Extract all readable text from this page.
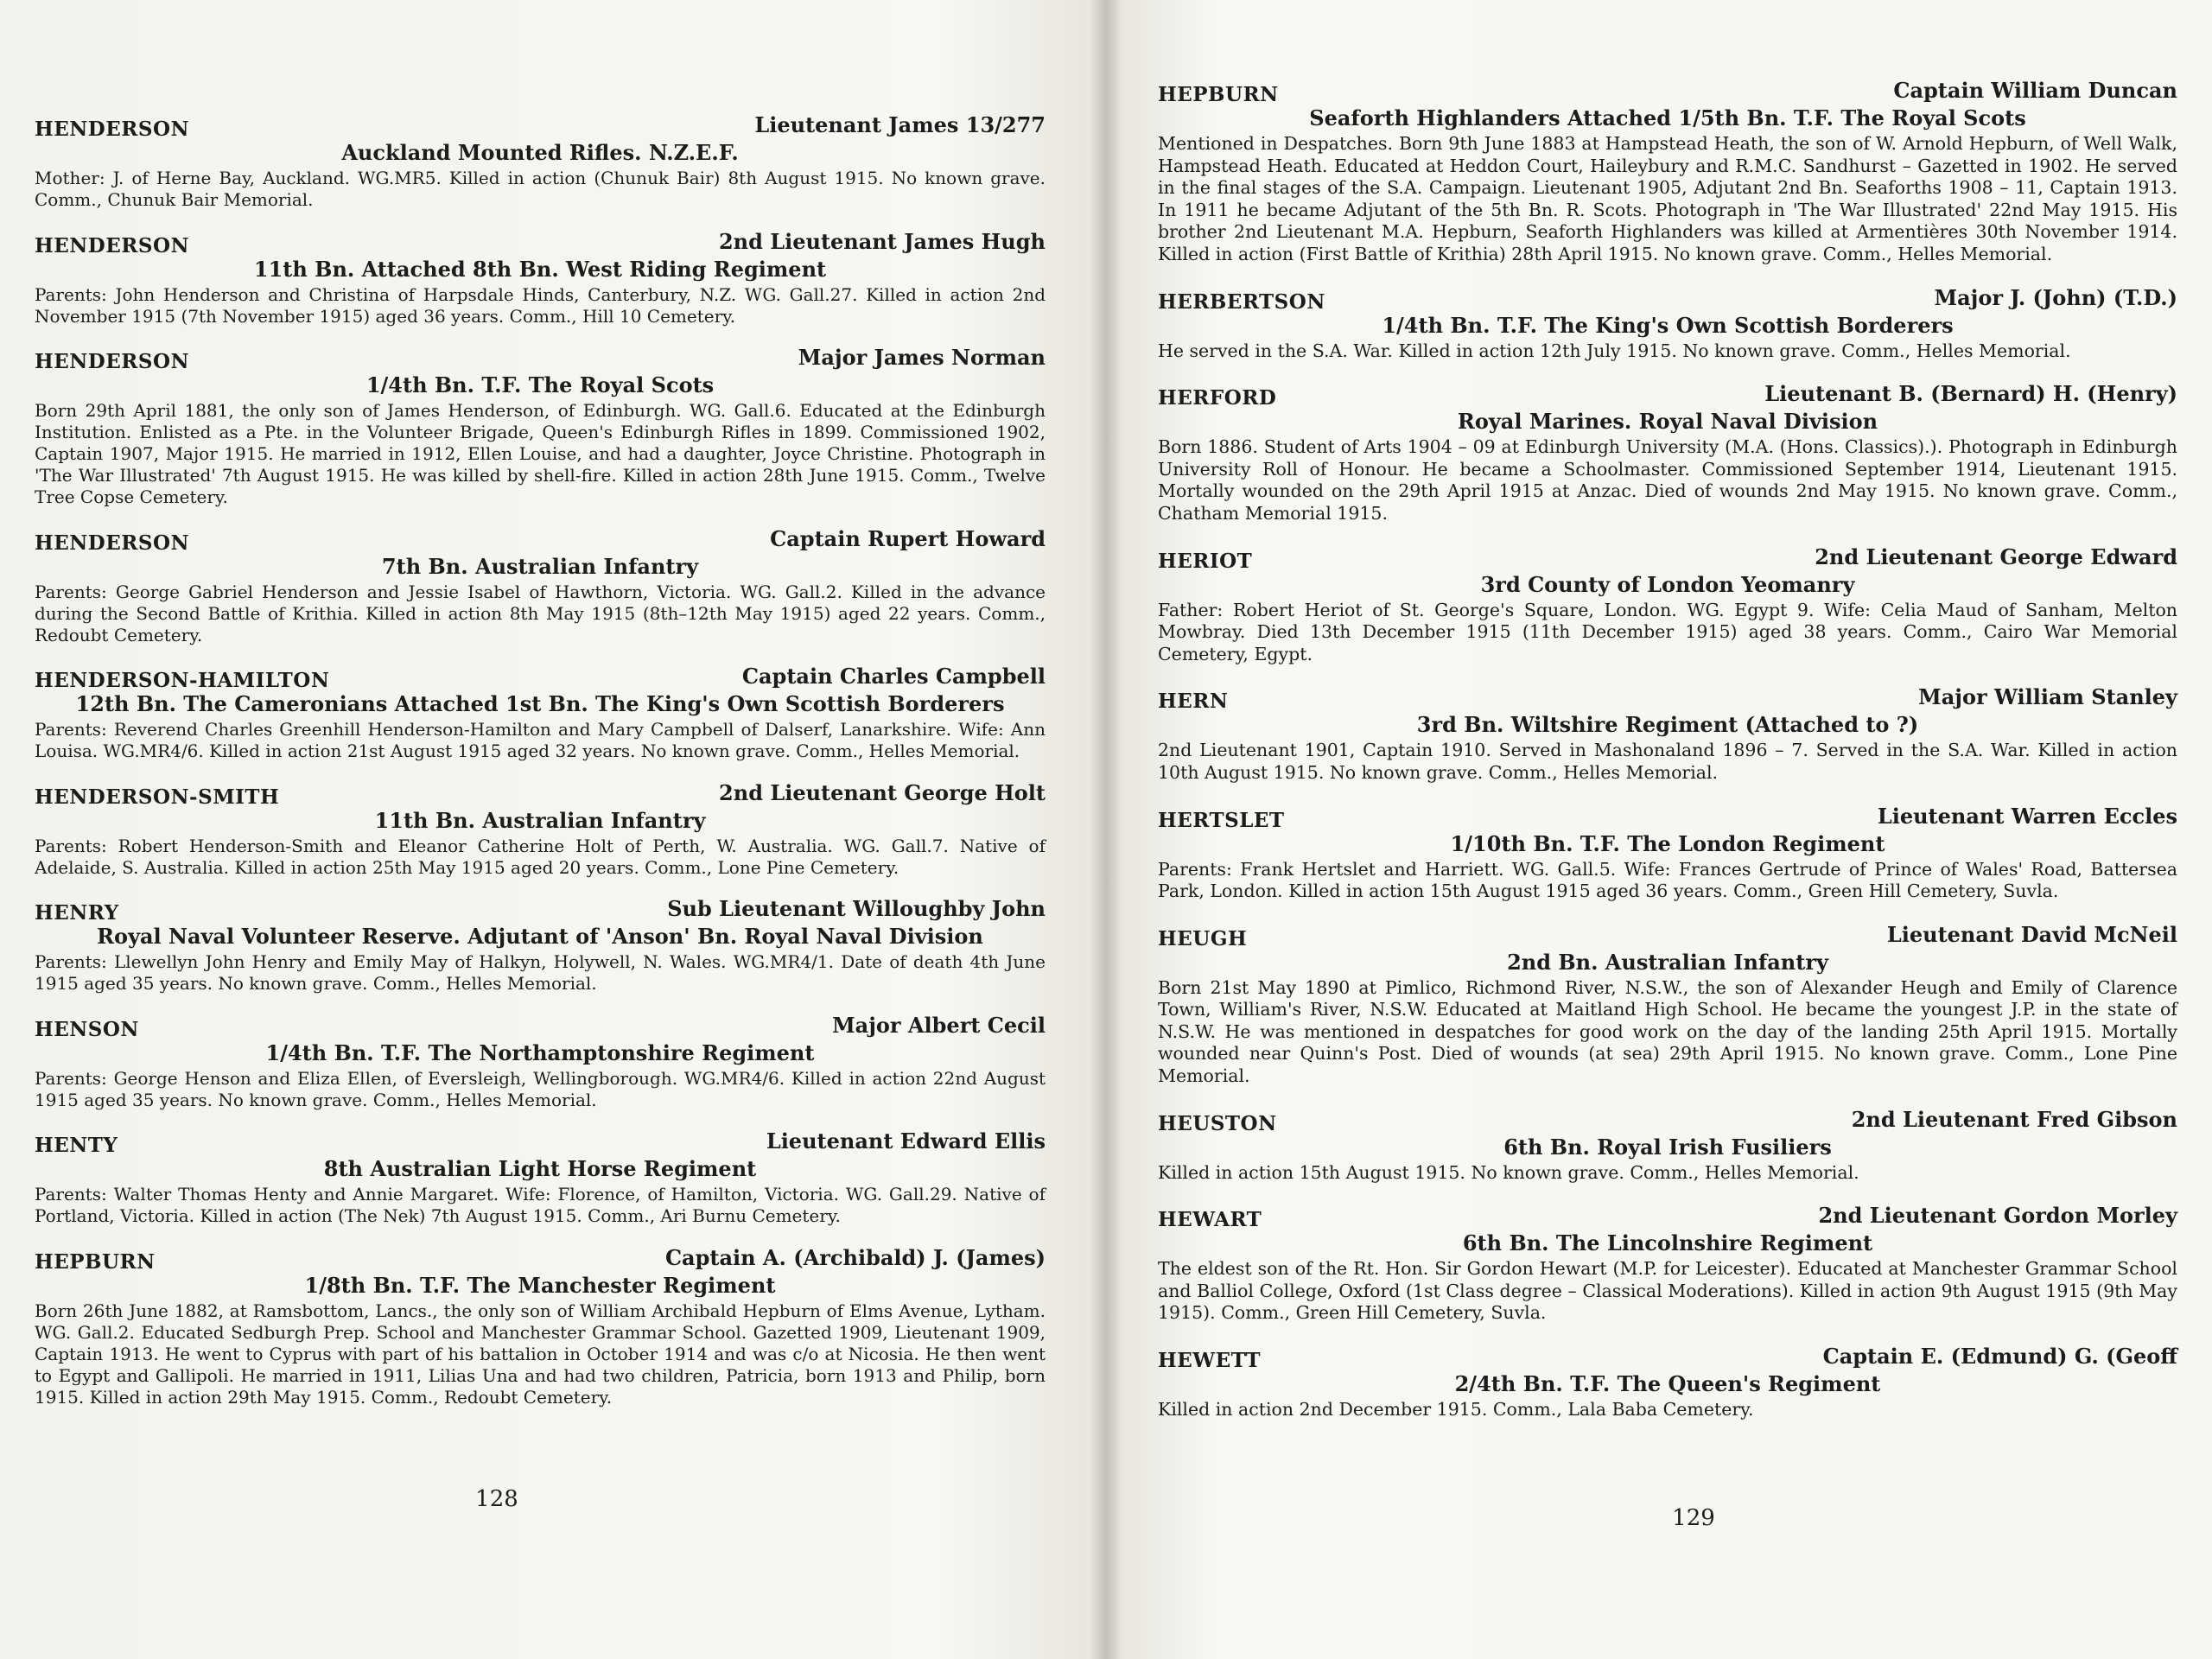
HENDERSON	Lieutenant James 13/277
Auckland Mounted Rifles. N.Z.E.F.

Mother: J. of Herne Bay, Auckland. WG.MR5. Killed in action (Chunuk Bair) 8th August 1915. No known grave. Comm., Chunuk Bair Memorial.

HENDERSON	2nd Lieutenant James Hugh
11th Bn. Attached 8th Bn. West Riding Regiment

Parents: John Henderson and Christina of Harpsdale Hinds, Canterbury, N.Z. WG. Gall.27. Killed in action 2nd November 1915 (7th November 1915) aged 36 years. Comm., Hill 10 Cemetery.

HENDERSON	Major James Norman
1/4th Bn. T.F. The Royal Scots

Born 29th April 1881, the only son of James Henderson, of Edinburgh. WG. Gall.6. Educated at the Edinburgh Institution. Enlisted as a Pte. in the Volunteer Brigade, Queen's Edinburgh Rifles in 1899. Commissioned 1902, Captain 1907, Major 1915. He married in 1912, Ellen Louise, and had a daughter, Joyce Christine. Photograph in 'The War Illustrated' 7th August 1915. He was killed by shell-fire. Killed in action 28th June 1915. Comm., Twelve Tree Copse Cemetery.

HENDERSON	Captain Rupert Howard
7th Bn. Australian Infantry

Parents: George Gabriel Henderson and Jessie Isabel of Hawthorn, Victoria. WG. Gall.2. Killed in the advance during the Second Battle of Krithia. Killed in action 8th May 1915 (8th–12th May 1915) aged 22 years. Comm., Redoubt Cemetery.

HENDERSON-HAMILTON	Captain Charles Campbell
12th Bn. The Cameronians Attached 1st Bn. The King's Own Scottish Borderers

Parents: Reverend Charles Greenhill Henderson-Hamilton and Mary Campbell of Dalserf, Lanarkshire. Wife: Ann Louisa. WG.MR4/6. Killed in action 21st August 1915 aged 32 years. No known grave. Comm., Helles Memorial.

HENDERSON-SMITH	2nd Lieutenant George Holt
11th Bn. Australian Infantry

Parents: Robert Henderson-Smith and Eleanor Catherine Holt of Perth, W. Australia. WG. Gall.7. Native of Adelaide, S. Australia. Killed in action 25th May 1915 aged 20 years. Comm., Lone Pine Cemetery.

HENRY	Sub Lieutenant Willoughby John
Royal Naval Volunteer Reserve. Adjutant of 'Anson' Bn. Royal Naval Division

Parents: Llewellyn John Henry and Emily May of Halkyn, Holywell, N. Wales. WG.MR4/1. Date of death 4th June 1915 aged 35 years. No known grave. Comm., Helles Memorial.

HENSON	Major Albert Cecil
1/4th Bn. T.F. The Northamptonshire Regiment

Parents: George Henson and Eliza Ellen, of Eversleigh, Wellingborough. WG.MR4/6. Killed in action 22nd August 1915 aged 35 years. No known grave. Comm., Helles Memorial.

HENTY	Lieutenant Edward Ellis
8th Australian Light Horse Regiment

Parents: Walter Thomas Henty and Annie Margaret. Wife: Florence, of Hamilton, Victoria. WG. Gall.29. Native of Portland, Victoria. Killed in action (The Nek) 7th August 1915. Comm., Ari Burnu Cemetery.

HEPBURN	Captain A. (Archibald) J. (James)
1/8th Bn. T.F. The Manchester Regiment

Born 26th June 1882, at Ramsbottom, Lancs., the only son of William Archibald Hepburn of Elms Avenue, Lytham. WG. Gall.2. Educated Sedburgh Prep. School and Manchester Grammar School. Gazetted 1909, Lieutenant 1909, Captain 1913. He went to Cyprus with part of his battalion in October 1914 and was c/o at Nicosia. He then went to Egypt and Gallipoli. He married in 1911, Lilias Una and had two children, Patricia, born 1913 and Philip, born 1915. Killed in action 29th May 1915. Comm., Redoubt Cemetery.

128
HEPBURN	Captain William Duncan
Seaforth Highlanders Attached 1/5th Bn. T.F. The Royal Scots

Mentioned in Despatches. Born 9th June 1883 at Hampstead Heath, the son of W. Arnold Hepburn, of Well Walk, Hampstead Heath. Educated at Heddon Court, Haileybury and R.M.C. Sandhurst – Gazetted in 1902. He served in the final stages of the S.A. Campaign. Lieutenant 1905, Adjutant 2nd Bn. Seaforths 1908 – 11, Captain 1913. In 1911 he became Adjutant of the 5th Bn. R. Scots. Photograph in 'The War Illustrated' 22nd May 1915. His brother 2nd Lieutenant M.A. Hepburn, Seaforth Highlanders was killed at Armentières 30th November 1914. Killed in action (First Battle of Krithia) 28th April 1915. No known grave. Comm., Helles Memorial.

HERBERTSON	Major J. (John) (T.D.)
1/4th Bn. T.F. The King's Own Scottish Borderers

He served in the S.A. War. Killed in action 12th July 1915. No known grave. Comm., Helles Memorial.

HERFORD	Lieutenant B. (Bernard) H. (Henry)
Royal Marines. Royal Naval Division

Born 1886. Student of Arts 1904 – 09 at Edinburgh University (M.A. (Hons. Classics).). Photograph in Edinburgh University Roll of Honour. He became a Schoolmaster. Commissioned September 1914, Lieutenant 1915. Mortally wounded on the 29th April 1915 at Anzac. Died of wounds 2nd May 1915. No known grave. Comm., Chatham Memorial 1915.

HERIOT	2nd Lieutenant George Edward
3rd County of London Yeomanry

Father: Robert Heriot of St. George's Square, London. WG. Egypt 9. Wife: Celia Maud of Sanham, Melton Mowbray. Died 13th December 1915 (11th December 1915) aged 38 years. Comm., Cairo War Memorial Cemetery, Egypt.

HERN	Major William Stanley
3rd Bn. Wiltshire Regiment (Attached to ?)

2nd Lieutenant 1901, Captain 1910. Served in Mashonaland 1896 – 7. Served in the S.A. War. Killed in action 10th August 1915. No known grave. Comm., Helles Memorial.

HERTSLET	Lieutenant Warren Eccles
1/10th Bn. T.F. The London Regiment

Parents: Frank Hertslet and Harriett. WG. Gall.5. Wife: Frances Gertrude of Prince of Wales' Road, Battersea Park, London. Killed in action 15th August 1915 aged 36 years. Comm., Green Hill Cemetery, Suvla.

HEUGH	Lieutenant David McNeil
2nd Bn. Australian Infantry

Born 21st May 1890 at Pimlico, Richmond River, N.S.W., the son of Alexander Heugh and Emily of Clarence Town, William's River, N.S.W. Educated at Maitland High School. He became the youngest J.P. in the state of N.S.W. He was mentioned in despatches for good work on the day of the landing 25th April 1915. Mortally wounded near Quinn's Post. Died of wounds (at sea) 29th April 1915. No known grave. Comm., Lone Pine Memorial.

HEUSTON	2nd Lieutenant Fred Gibson
6th Bn. Royal Irish Fusiliers

Killed in action 15th August 1915. No known grave. Comm., Helles Memorial.

HEWART	2nd Lieutenant Gordon Morley
6th Bn. The Lincolnshire Regiment

The eldest son of the Rt. Hon. Sir Gordon Hewart (M.P. for Leicester). Educated at Manchester Grammar School and Balliol College, Oxford (1st Class degree – Classical Moderations). Killed in action 9th August 1915 (9th May 1915). Comm., Green Hill Cemetery, Suvla.

HEWETT	Captain E. (Edmund) G. (Geoff
2/4th Bn. T.F. The Queen's Regiment

Killed in action 2nd December 1915. Comm., Lala Baba Cemetery.

129
